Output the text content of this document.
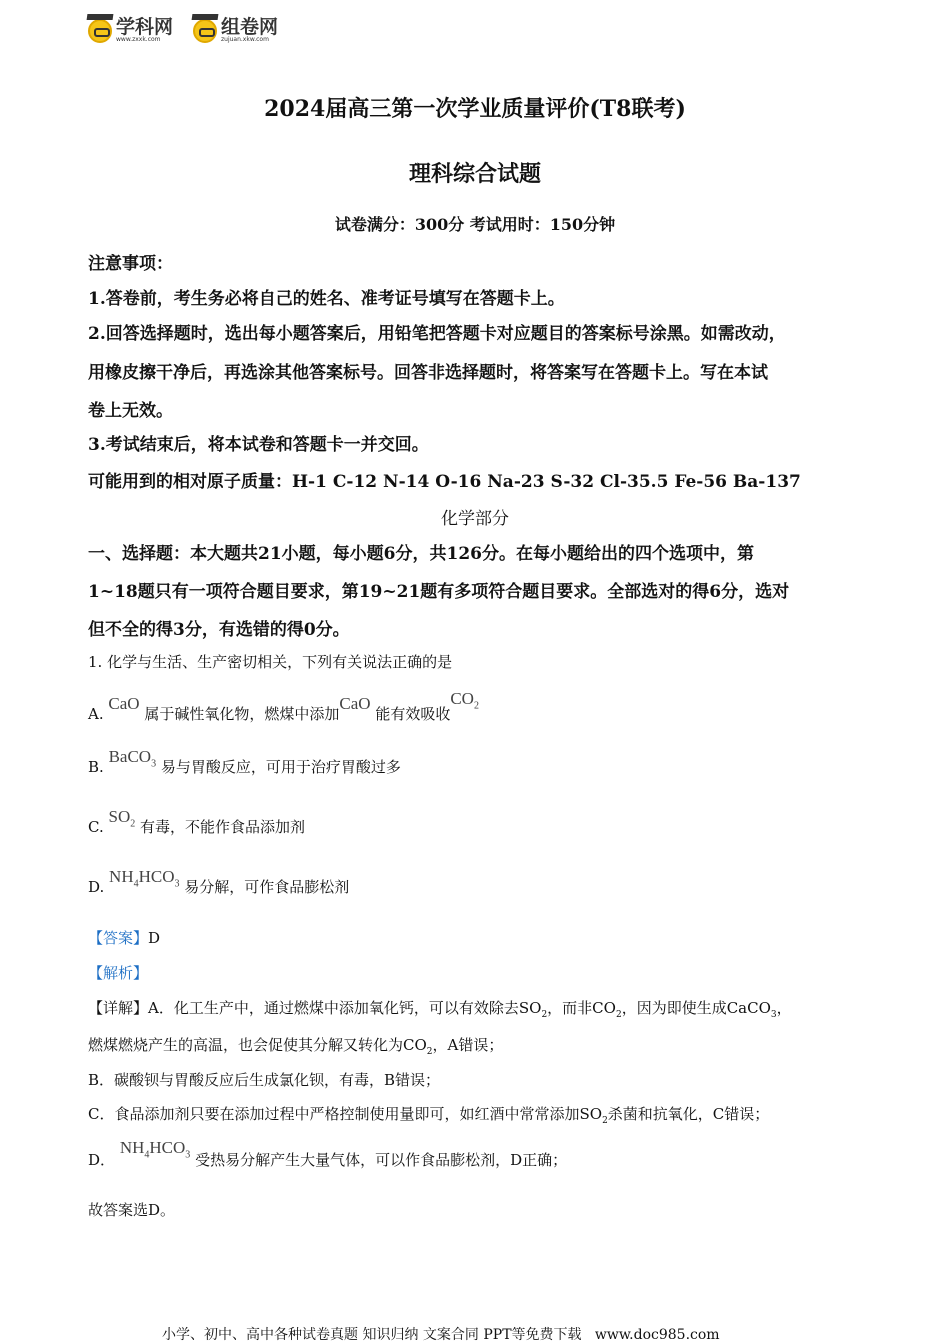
学科网
www.zxxk.com
组卷网
zujuan.xkw.com
2024届高三第一次学业质量评价(T8联考)
理科综合试题
试卷满分：300分 考试用时：150分钟
注意事项：
1.答卷前，考生务必将自己的姓名、准考证号填写在答题卡上。
2.回答选择题时，选出每小题答案后，用铅笔把答题卡对应题目的答案标号涂黑。如需改动，
用橡皮擦干净后，再选涂其他答案标号。回答非选择题时，将答案写在答题卡上。写在本试
卷上无效。
3.考试结束后，将本试卷和答题卡一并交回。
可能用到的相对原子质量：H-1 C-12 N-14 O-16 Na-23 S-32 Cl-35.5 Fe-56 Ba-137
化学部分
一、选择题：本大题共21小题，每小题6分，共126分。在每小题给出的四个选项中，第
1~18题只有一项符合题目要求，第19~21题有多项符合题目要求。全部选对的得6分，选对
但不全的得3分，有选错的得0分。
1. 化学与生活、生产密切相关，下列有关说法正确的是
A. CaO 属于碱性氧化物，燃煤中添加CaO 能有效吸收$CO_2$
B. BaCO$_3$ 易与胃酸反应，可用于治疗胃酸过多
C. $SO_2$ 有毒，不能作食品添加剂
D. $NH_4HCO_3$ 易分解，可作食品膨松剂
【答案】D
【解析】
【详解】A．化工生产中，通过燃煤中添加氧化钙，可以有效除去$SO_2$，而非$CO_2$，因为即使生成CaCO$_3$，
燃煤燃烧产生的高温，也会促使其分解又转化为$CO_2$，A错误；
B．碳酸钡与胃酸反应后生成氯化钡，有毒，B错误；
C．食品添加剂只要在添加过程中严格控制使用量即可，如红酒中常常添加$SO_2$杀菌和抗氧化，C错误；
D． $NH_4HCO_3$ 受热易分解产生大量气体，可以作食品膨松剂，D正确；
故答案选D。
小学、初中、高中各种试卷真题 知识归纳 文案合同 PPT等免费下载 www.doc985.com
